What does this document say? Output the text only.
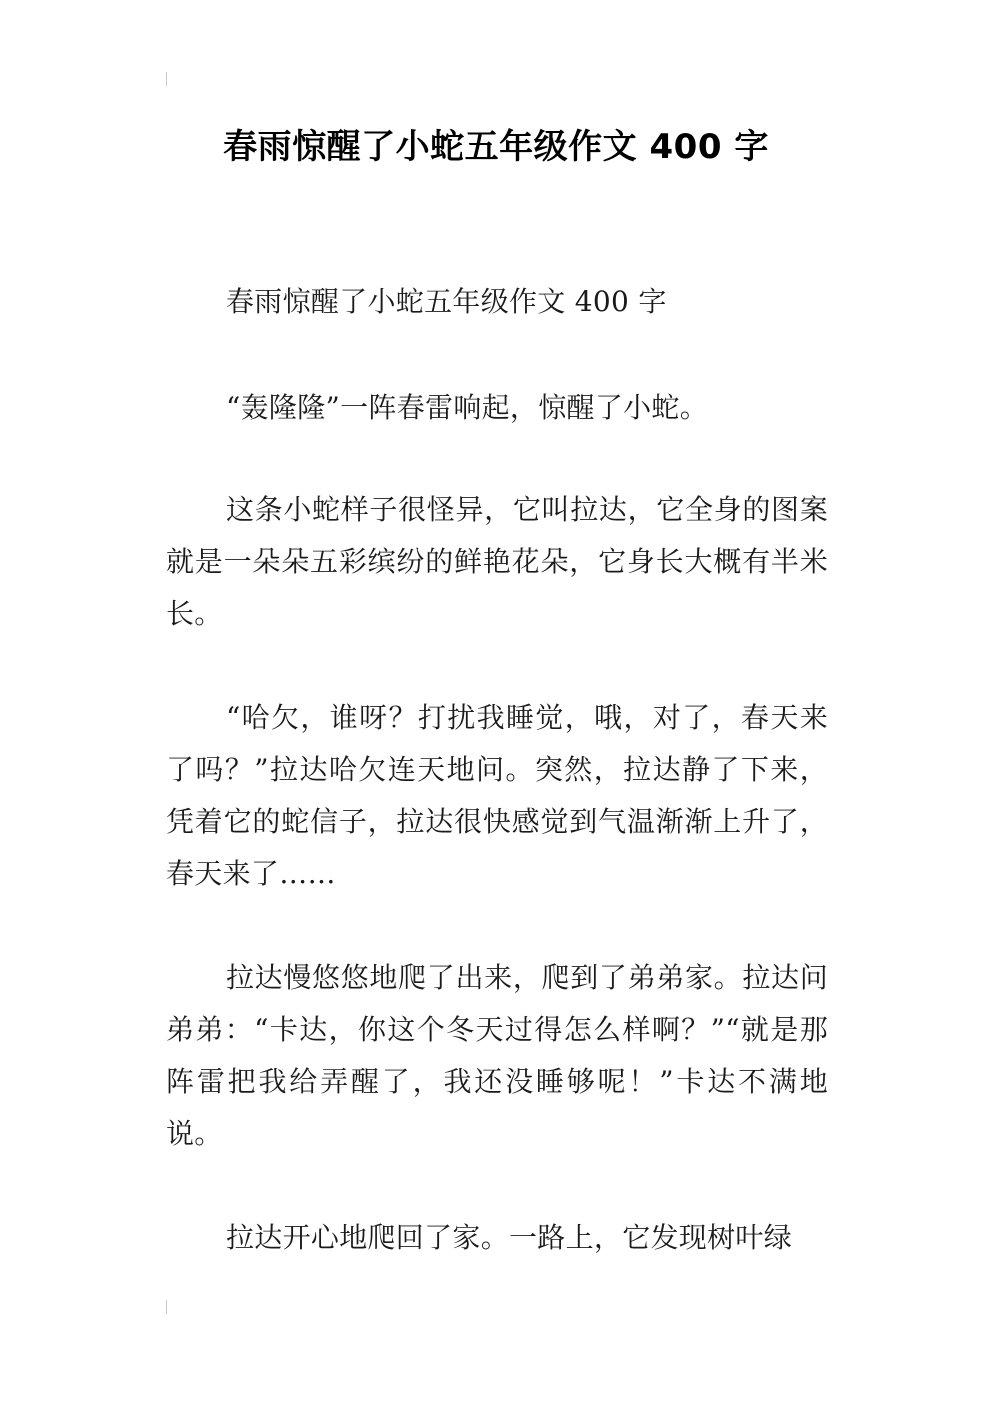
春雨惊醒了小蛇五年级作文 400 字

春雨惊醒了小蛇五年级作文 400 字

“轰隆隆”一阵春雷响起，惊醒了小蛇。

这条小蛇样子很怪异，它叫拉达，它全身的图案就是一朵朵五彩缤纷的鲜艳花朵，它身长大概有半米长。

“哈欠，谁呀？打扰我睡觉，哦，对了，春天来了吗？”拉达哈欠连天地问。突然，拉达静了下来，凭着它的蛇信子，拉达很快感觉到气温渐渐上升了，春天来了……

拉达慢悠悠地爬了出来，爬到了弟弟家。拉达问弟弟：“卡达，你这个冬天过得怎么样啊？”“就是那阵雷把我给弄醒了，我还没睡够呢！”卡达不满地说。

拉达开心地爬回了家。一路上，它发现树叶绿
